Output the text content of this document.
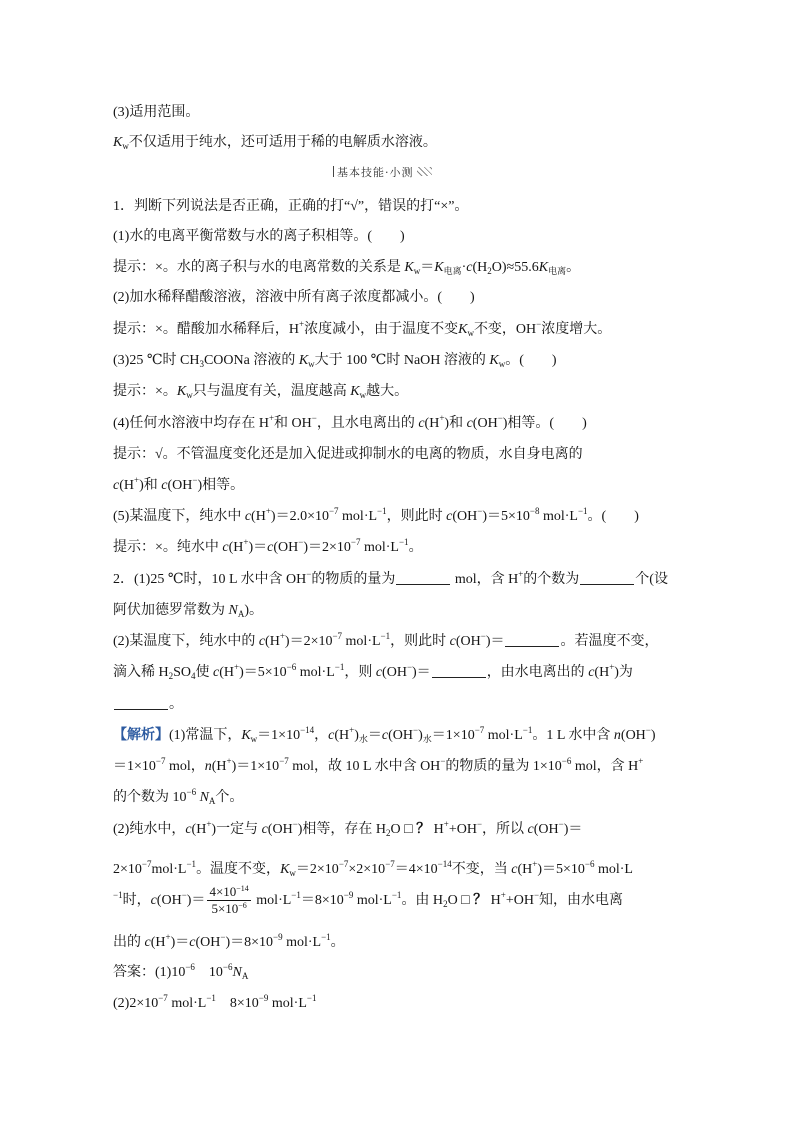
(3)适用范围。
$K_w$不仅适用于纯水，还可适用于稀的电解质水溶液。
基本技能·小测
1．判断下列说法是否正确，正确的打“√”，错误的打“×”。
(1)水的电离平衡常数与水的离子积相等。(　　)
提示：×。水的离子积与水的电离常数的关系是 $K_w=K_{电离}\cdot c(H_2O)\approx 55.6K_{电离}$。
(2)加水稀释醋酸溶液，溶液中所有离子浓度都减小。(　　)
提示：×。醋酸加水稀释后，H+浓度减小，由于温度不变$K_w$不变，OH−浓度增大。
(3)25 ℃时 $CH_3COONa$ 溶液的 $K_w$大于 100 ℃时 NaOH 溶液的 $K_w$。(　　)
提示：×。$K_w$只与温度有关，温度越高 $K_w$越大。
(4)任何水溶液中均存在 H+和 OH−，且水电离出的 c(H+)和 c(OH−)相等。(　　)
提示：√。不管温度变化还是加入促进或抑制水的电离的物质，水自身电离的
c(H+)和 c(OH−)相等。
(5)某温度下，纯水中 $c(H^+)=2.0\times 10^{-7}$ $mol\cdot L^{-1}$，则此时 $c(OH^-)=5\times 10^{-8}$ $mol\cdot L^{-1}$。(　　)
提示：×。纯水中 $c(H^+)=c(OH^-)=2\times 10^{-7}$ $mol\cdot L^{-1}$。
2．(1)25 ℃时，10 L 水中含 OH−的物质的量为	mol，含 H+的个数为	个(设
阿伏加德罗常数为 $N_A$)。
(2)某温度下，纯水中的 $c(H^+)=2\times 10^{-7}$ $mol\cdot L^{-1}$，则此时 c(OH−)＝	。若温度不变，
滴入稀 $H_2SO_4$使 $c(H^+)=5\times 10^{-6}$ $mol\cdot L^{-1}$，则 c(OH−)＝	，由水电离出的 c(H+)为
。
【解析】(1)常温下，$K_w=1\times 10^{-14}$，$c(H^+)_水=c(OH^-)_水=1\times 10^{-7}$ $mol\cdot L^{-1}$。1 L 水中含 n(OH−)
$=1\times 10^{-7}$ mol，$n(H^+)=1\times 10^{-7}$ mol，故 10 L 水中含 OH−的物质的量为 $1\times 10^{-6}$ mol，含 H+
的个数为 $10^{-6}$ $N_A$个。
(2)纯水中，c(H+)一定与 c(OH−)相等，存在 $H_2O$ □ ？ H++OH−，所以 c(OH−)＝
$2\times 10^{-7}mol\cdot L^{-1}$。温度不变，$K_w=2\times 10^{-7}\times 2\times 10^{-7}=4\times 10^{-14}$不变，当 $c(H^+)=5\times 10^{-6}$ mol·L
$^{-1}$时，$c(OH^-)= \frac{4\times 10^{-14}}{5\times 10^{-6}} mol\cdot L^{-1}=8\times 10^{-9}$ $mol\cdot L^{-1}$。由 $H_2O$ □ ？ H++OH−知，由水电离
出的 $c(H^+)=c(OH^-)=8\times 10^{-9}$ $mol\cdot L^{-1}$。
答案：$(1)10^{-6}$　$10^{-6}N_A$
$(2)2\times 10^{-7}$ $mol\cdot L^{-1}$　$8\times 10^{-9}$ $mol\cdot L^{-1}$
